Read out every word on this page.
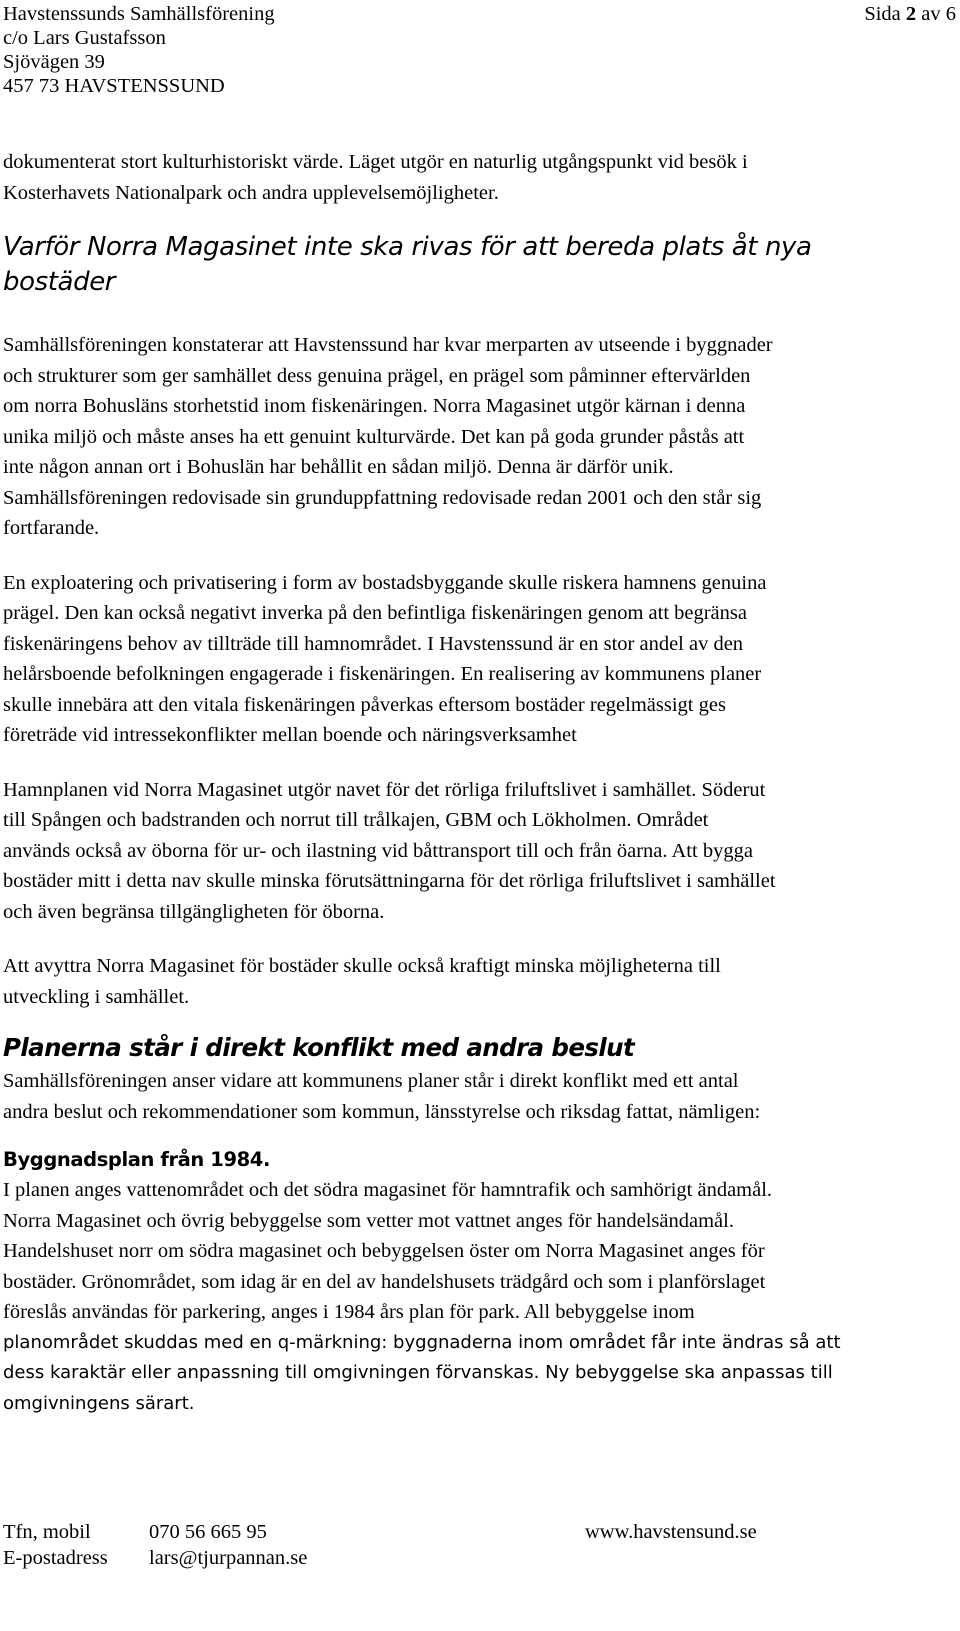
Havstenssunds Samhällsförening
c/o Lars Gustafsson
Sjövägen 39
457 73 HAVSTENSSUND
Sida 2 av 6
dokumenterat stort kulturhistoriskt värde. Läget utgör en naturlig utgångspunkt vid besök i
Kosterhavets Nationalpark och andra upplevelsemöjligheter.
Varför Norra Magasinet inte ska rivas för att bereda plats åt nya
bostäder
Samhällsföreningen konstaterar att Havstenssund har kvar merparten av utseende i byggnader
och strukturer som ger samhället dess genuina prägel, en prägel som påminner eftervärlden
om norra Bohusläns storhetstid inom fiskenäringen. Norra Magasinet utgör kärnan i denna
unika miljö och måste anses ha ett genuint kulturvärde. Det kan på goda grunder påstås att
inte någon annan ort i Bohuslän har behållit en sådan miljö. Denna är därför unik.
Samhällsföreningen redovisade sin grunduppfattning redovisade redan 2001 och den står sig
fortfarande.
En exploatering och privatisering i form av bostadsbyggande skulle riskera hamnens genuina
prägel. Den kan också negativt inverka på den befintliga fiskenäringen genom att begränsa
fiskenäringens behov av tillträde till hamnområdet. I Havstenssund är en stor andel av den
helårsboende befolkningen engagerade i fiskenäringen. En realisering av kommunens planer
skulle innebära att den vitala fiskenäringen påverkas eftersom bostäder regelmässigt ges
företräde vid intressekonflikter mellan boende och näringsverksamhet
Hamnplanen vid Norra Magasinet utgör navet för det rörliga friluftslivet i samhället. Söderut
till Spången och badstranden och norrut till trålkajen, GBM och Lökholmen. Området
används också av öborna för ur- och ilastning vid båttransport till och från öarna. Att bygga
bostäder mitt i detta nav skulle minska förutsättningarna för det rörliga friluftslivet i samhället
och även begränsa tillgängligheten för öborna.
Att avyttra Norra Magasinet för bostäder skulle också kraftigt minska möjligheterna till
utveckling i samhället.
Planerna står i direkt konflikt med andra beslut
Samhällsföreningen anser vidare att kommunens planer står i direkt konflikt med ett antal
andra beslut och rekommendationer som kommun, länsstyrelse och riksdag fattat, nämligen:
Byggnadsplan från 1984.
I planen anges vattenområdet och det södra magasinet för hamntrafik och samhörigt ändamål.
Norra Magasinet och övrig bebyggelse som vetter mot vattnet anges för handelsändamål.
Handelshuset norr om södra magasinet och bebyggelsen öster om Norra Magasinet anges för
bostäder. Grönområdet, som idag är en del av handelshusets trädgård och som i planförslaget
föreslås användas för parkering, anges i 1984 års plan för park. All bebyggelse inom
planområdet skuddas med en q-märkning: byggnaderna inom området får inte ändras så att
dess karaktär eller anpassning till omgivningen förvanskas. Ny bebyggelse ska anpassas till
omgivningens särart.
Tfn, mobil	070 56 665 95	www.havstensund.se
E-postadress lars@tjurpannan.se
